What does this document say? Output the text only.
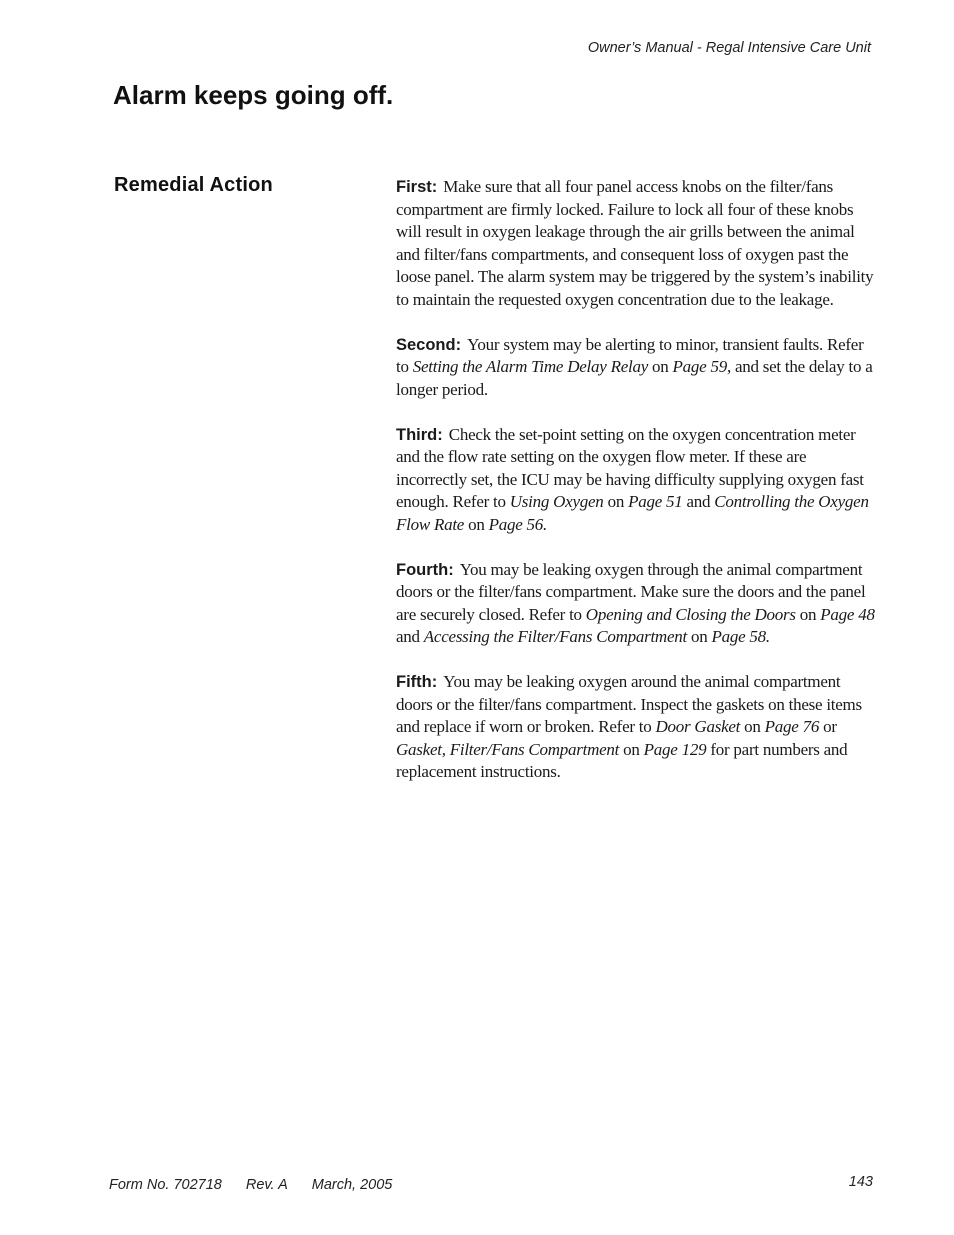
Owner’s Manual - Regal Intensive Care Unit
Alarm keeps going off.
Remedial Action	First: Make sure that all four panel access knobs on the filter/fans compartment are firmly locked. Failure to lock all four of these knobs will result in oxygen leakage through the air grills between the animal and filter/fans compartments, and consequent loss of oxygen past the loose panel. The alarm system may be triggered by the system’s inability to maintain the requested oxygen concentration due to the leakage.

Second: Your system may be alerting to minor, transient faults. Refer to Setting the Alarm Time Delay Relay on Page 59, and set the delay to a longer period.

Third: Check the set-point setting on the oxygen concentration meter and the flow rate setting on the oxygen flow meter. If these are incorrectly set, the ICU may be having difficulty supplying oxygen fast enough. Refer to Using Oxygen on Page 51 and Controlling the Oxygen Flow Rate on Page 56.

Fourth: You may be leaking oxygen through the animal compartment doors or the filter/fans compartment. Make sure the doors and the panel are securely closed. Refer to Opening and Closing the Doors on Page 48 and Accessing the Filter/Fans Compartment on Page 58.

Fifth: You may be leaking oxygen around the animal compartment doors or the filter/fans compartment. Inspect the gaskets on these items and replace if worn or broken. Refer to Door Gasket on Page 76 or Gasket, Filter/Fans Compartment on Page 129 for part numbers and replacement instructions.

Form No. 702718 Rev. A March, 2005	143
